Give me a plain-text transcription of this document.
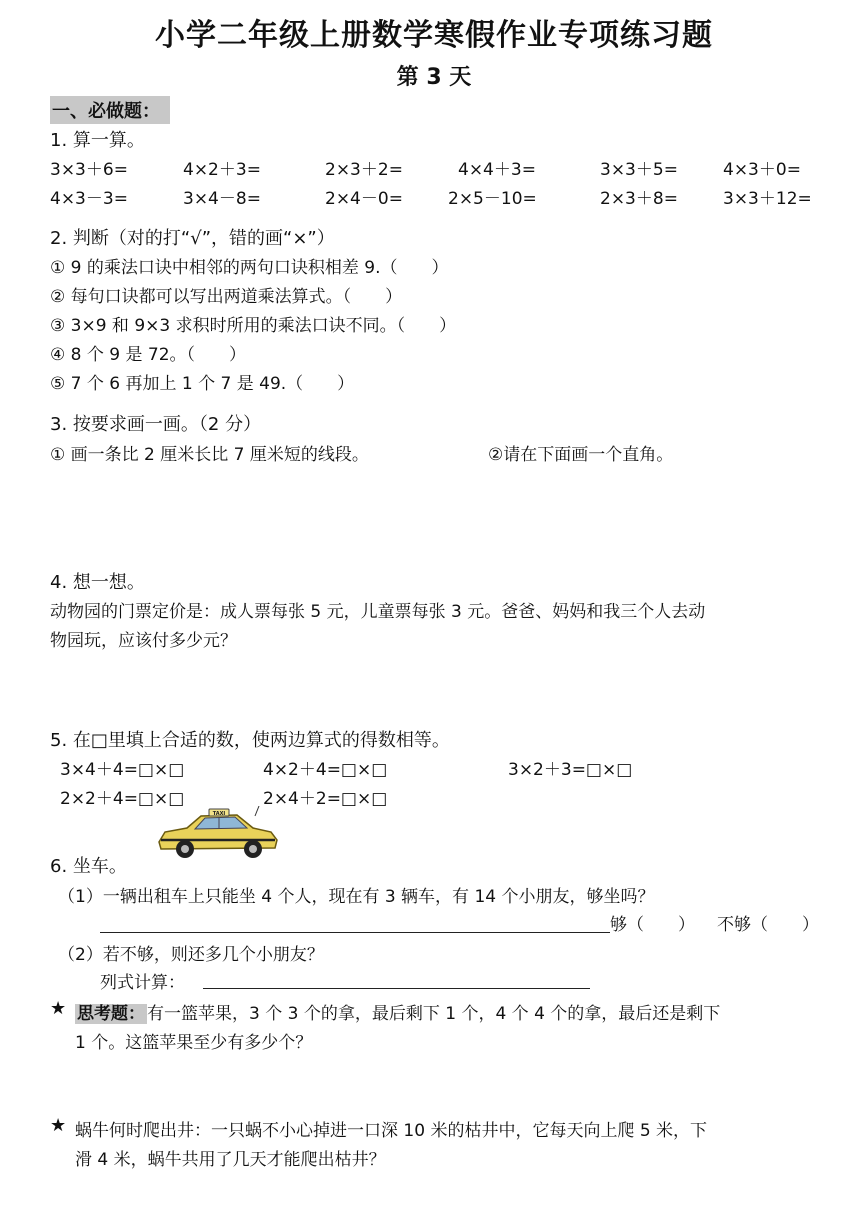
小学二年级上册数学寒假作业专项练习题
第 3 天
一、必做题：
1. 算一算。
3×3＋6=	4×2＋3=	2×3＋2=	4×4＋3=	3×3＋5=	4×3＋0=
4×3－3=	3×4－8=	2×4－0=	2×5－10=	2×3＋8=	3×3＋12=
2. 判断（对的打“√”，错的画“×”）
① 9 的乘法口诀中相邻的两句口诀积相差 9.（　　）
② 每句口诀都可以写出两道乘法算式。（　　）
③ 3×9 和 9×3 求积时所用的乘法口诀不同。（　　）
④ 8 个 9 是 72。（　　）
⑤ 7 个 6 再加上 1 个 7 是 49.（　　）
3. 按要求画一画。（2 分）
① 画一条比 2 厘米长比 7 厘米短的线段。	②请在下面画一个直角。
4. 想一想。
动物园的门票定价是：成人票每张 5 元，儿童票每张 3 元。爸爸、妈妈和我三个人去动
物园玩，应该付多少元？
5. 在□里填上合适的数，使两边算式的得数相等。
3×4＋4=□×□	4×2＋4=□×□	3×2＋3=□×□
2×2＋4=□×□	2×4＋2=□×□
TAXI
6. 坐车。
（1）一辆出租车上只能坐 4 个人，现在有 3 辆车，有 14 个小朋友，够坐吗？
够（　　） 不够（　　）
（2）若不够，则还多几个小朋友？
列式计算：
★ 思考题： 有一篮苹果，3 个 3 个的拿，最后剩下 1 个，4 个 4 个的拿，最后还是剩下
1 个。这篮苹果至少有多少个？
★ 蜗牛何时爬出井：一只蜗不小心掉进一口深 10 米的枯井中，它每天向上爬 5 米，下
滑 4 米，蜗牛共用了几天才能爬出枯井？
